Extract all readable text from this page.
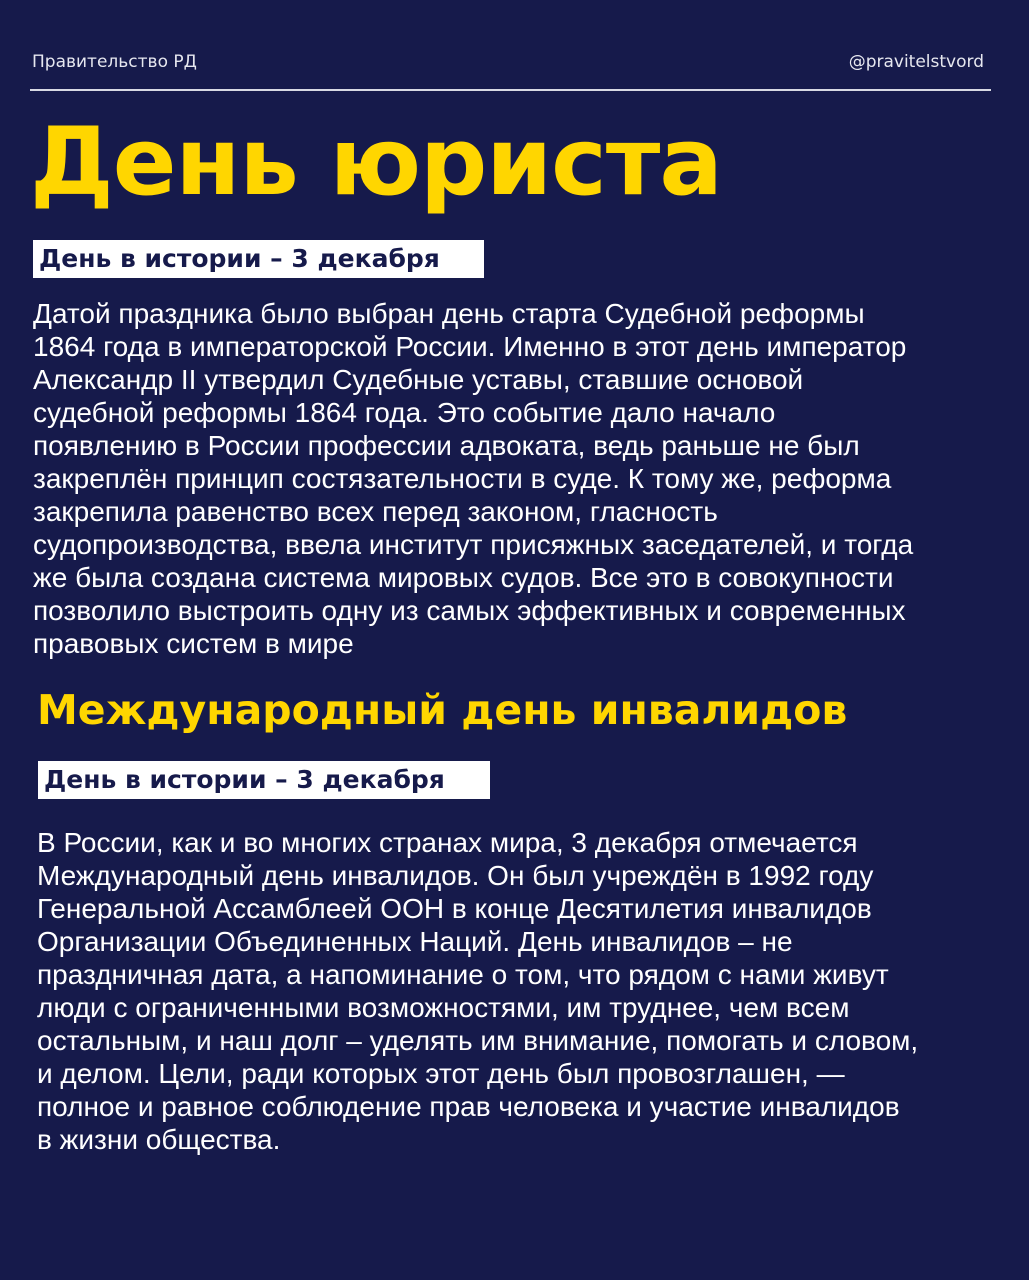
Правительство РД	@pravitelstvord
День юриста
День в истории – 3 декабря

Датой праздника было выбран день старта Судебной реформы
1864 года в императорской России. Именно в этот день император
Александр II утвердил Судебные уставы, ставшие основой
судебной реформы 1864 года. Это событие дало начало
появлению в России профессии адвоката, ведь раньше не был
закреплён принцип состязательности в суде. К тому же, реформа
закрепила равенство всех перед законом, гласность
судопроизводства, ввела институт присяжных заседателей, и тогда
же была создана система мировых судов. Все это в совокупности
позволило выстроить одну из самых эффективных и современных
правовых систем в мире

Международный день инвалидов
День в истории – 3 декабря

В России, как и во многих странах мира, 3 декабря отмечается
Международный день инвалидов. Он был учреждён в 1992 году
Генеральной Ассамблеей ООН в конце Десятилетия инвалидов
Организации Объединенных Наций. День инвалидов – не
праздничная дата, а напоминание о том, что рядом с нами живут
люди с ограниченными возможностями, им труднее, чем всем
остальным, и наш долг – уделять им внимание, помогать и словом,
и делом. Цели, ради которых этот день был провозглашен, —
полное и равное соблюдение прав человека и участие инвалидов
в жизни общества.
